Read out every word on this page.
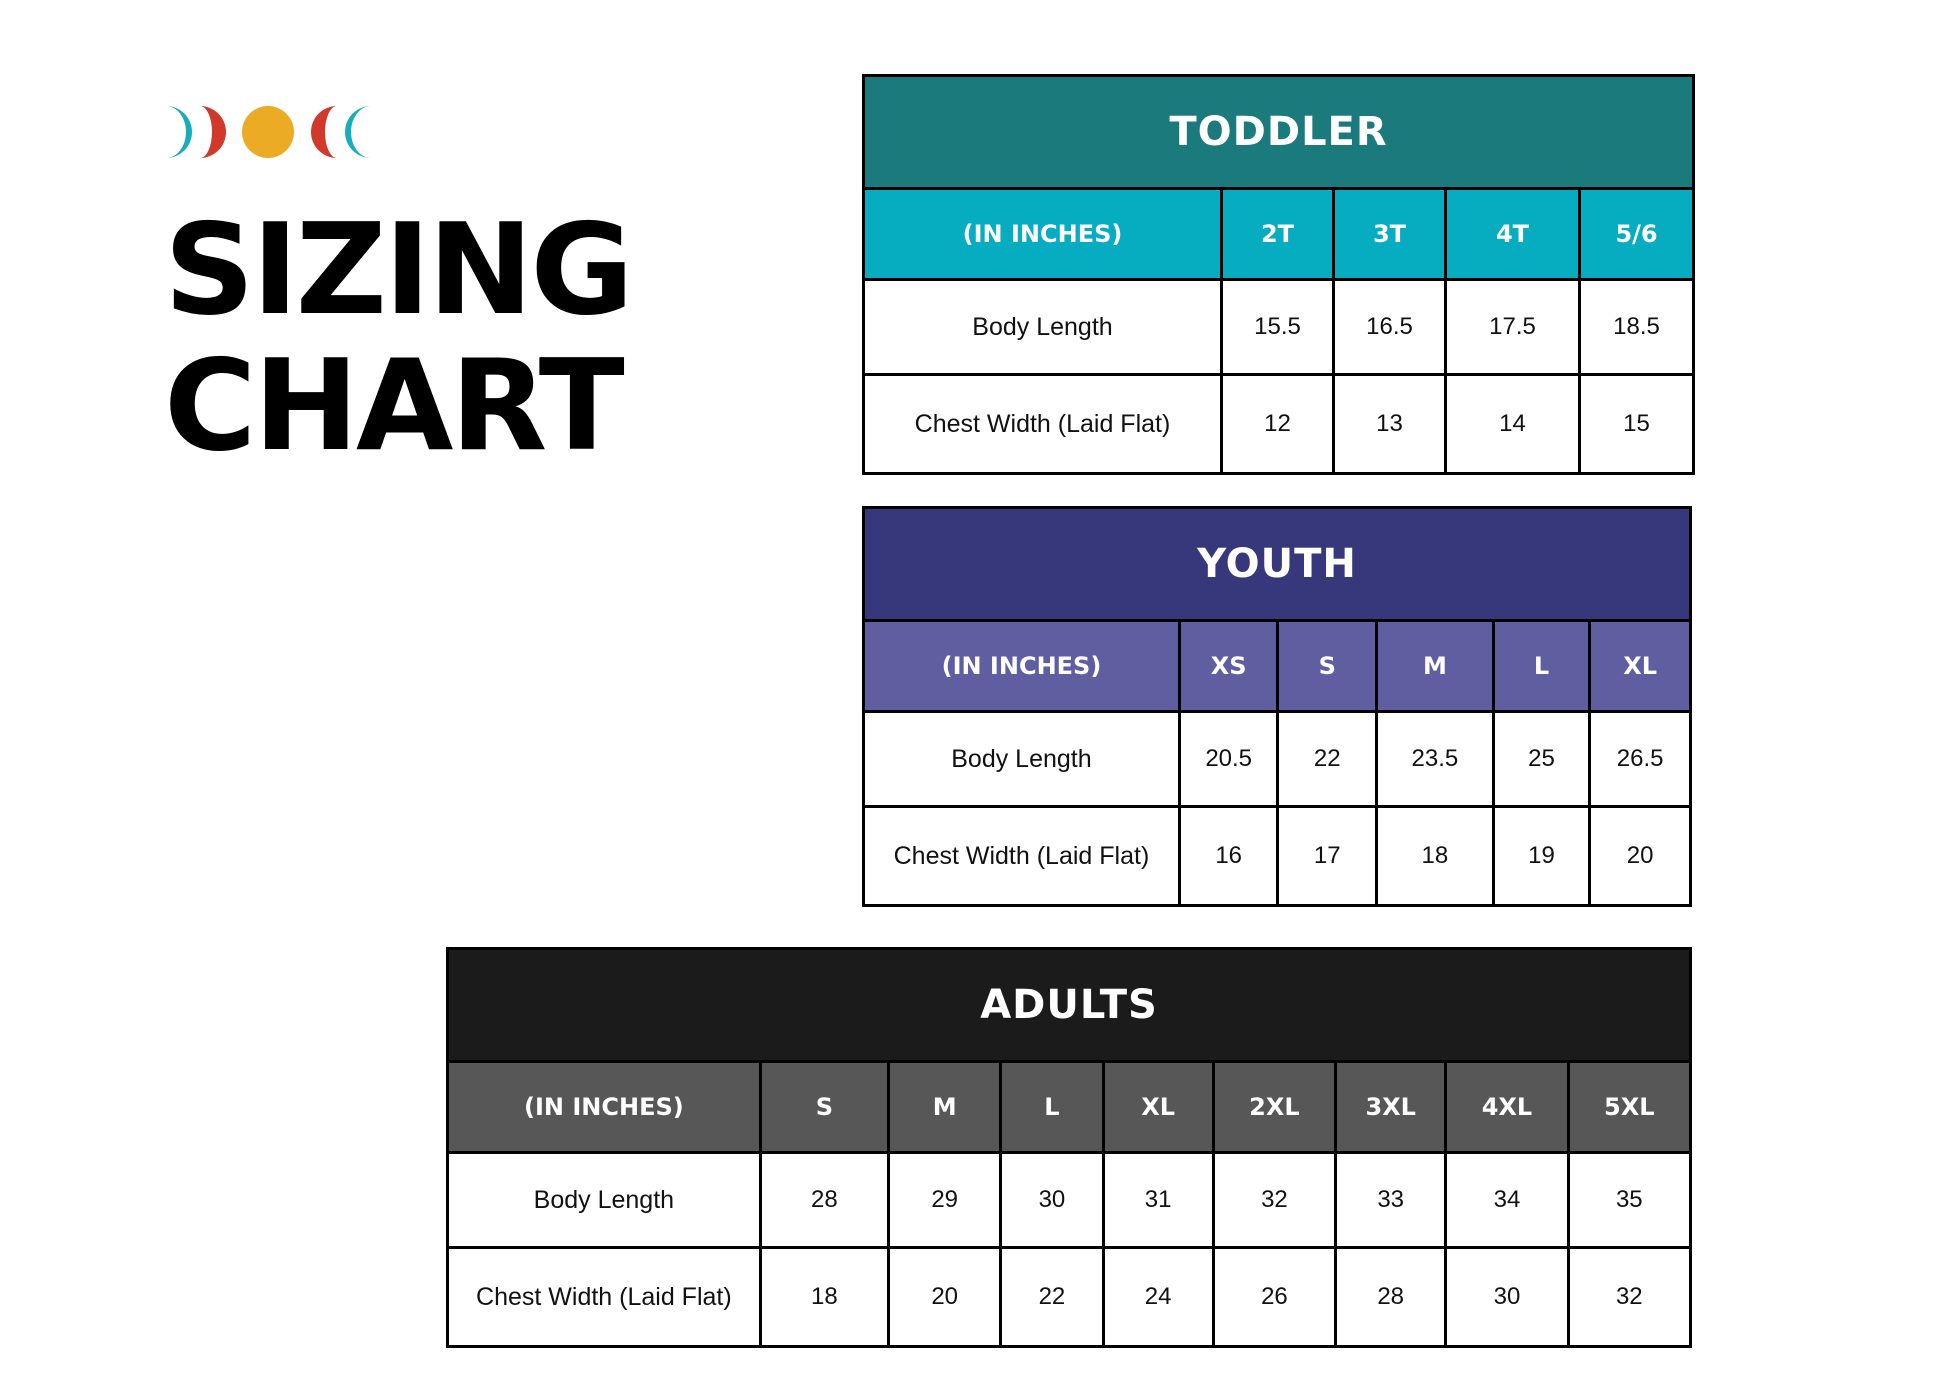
SIZING
CHART
TODDLER				
(IN INCHES)	2T	3T	4T	5/6
Body Length	15.5	16.5	17.5	18.5
Chest Width (Laid Flat)	12	13	14	15
YOUTH					
(IN INCHES)	XS	S	M	L	XL
Body Length	20.5	22	23.5	25	26.5
Chest Width (Laid Flat)	16	17	18	19	20
ADULTS								
(IN INCHES)	S	M	L	XL	2XL	3XL	4XL	5XL
Body Length	28	29	30	31	32	33	34	35
Chest Width (Laid Flat)	18	20	22	24	26	28	30	32
